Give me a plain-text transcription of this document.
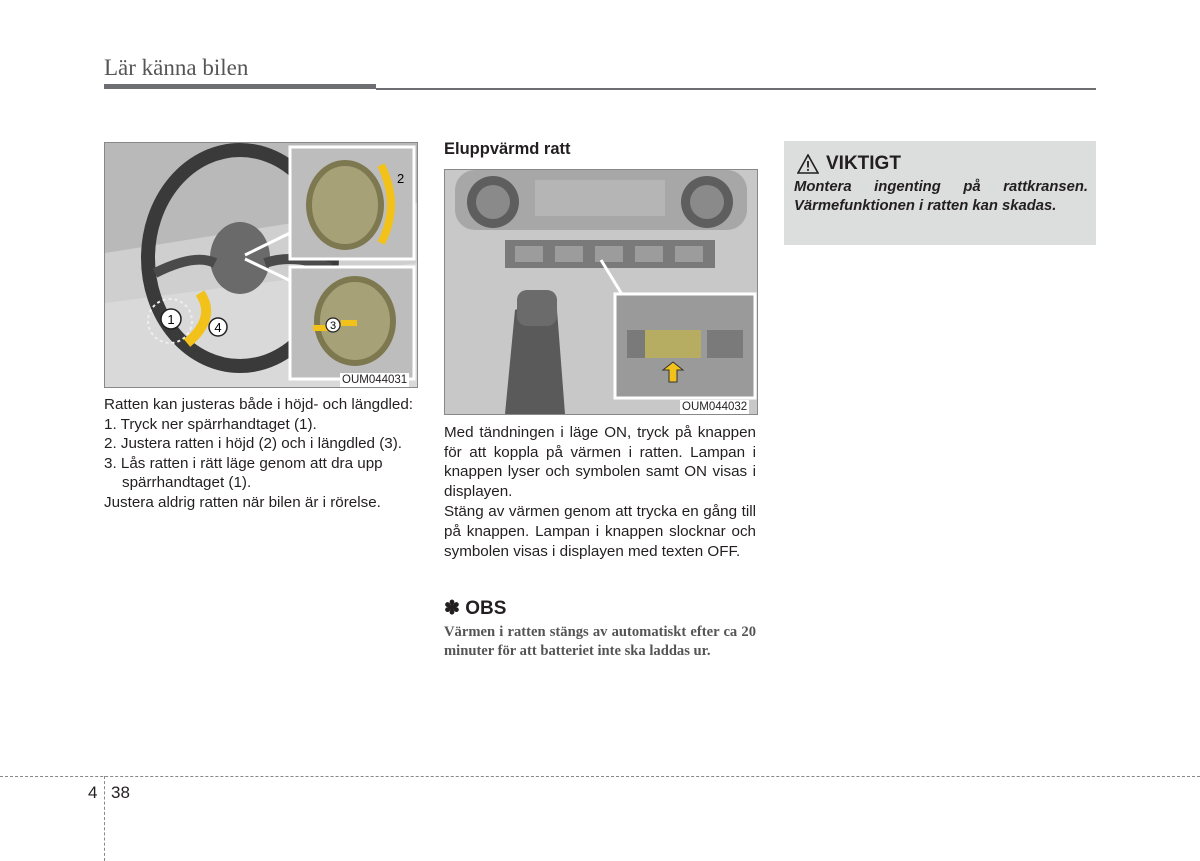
Lär känna bilen
1
4
2
3
OUM044031

Ratten kan justeras både i höjd- och längdled:

1. Tryck ner spärrhandtaget (1).

2. Justera ratten i höjd (2) och i längdled (3).

3. Lås ratten i rätt läge genom att dra upp spärrhandtaget (1).

Justera aldrig ratten när bilen är i rörelse.

Eluppvärmd ratt
OUM044032

Med tändningen i läge ON, tryck på knappen för att koppla på värmen i ratten. Lampan i knappen lyser och symbolen samt ON visas i displayen.

Stäng av värmen genom att trycka en gång till på knappen. Lampan i knappen slocknar och symbolen visas i displayen med texten OFF.

✽ OBS
Värmen i ratten stängs av automatiskt efter ca 20 minuter för att batteriet inte ska laddas ur.
VIKTIGT
Montera ingenting på rattkransen. Värmefunktionen i ratten kan skadas.
4 38
